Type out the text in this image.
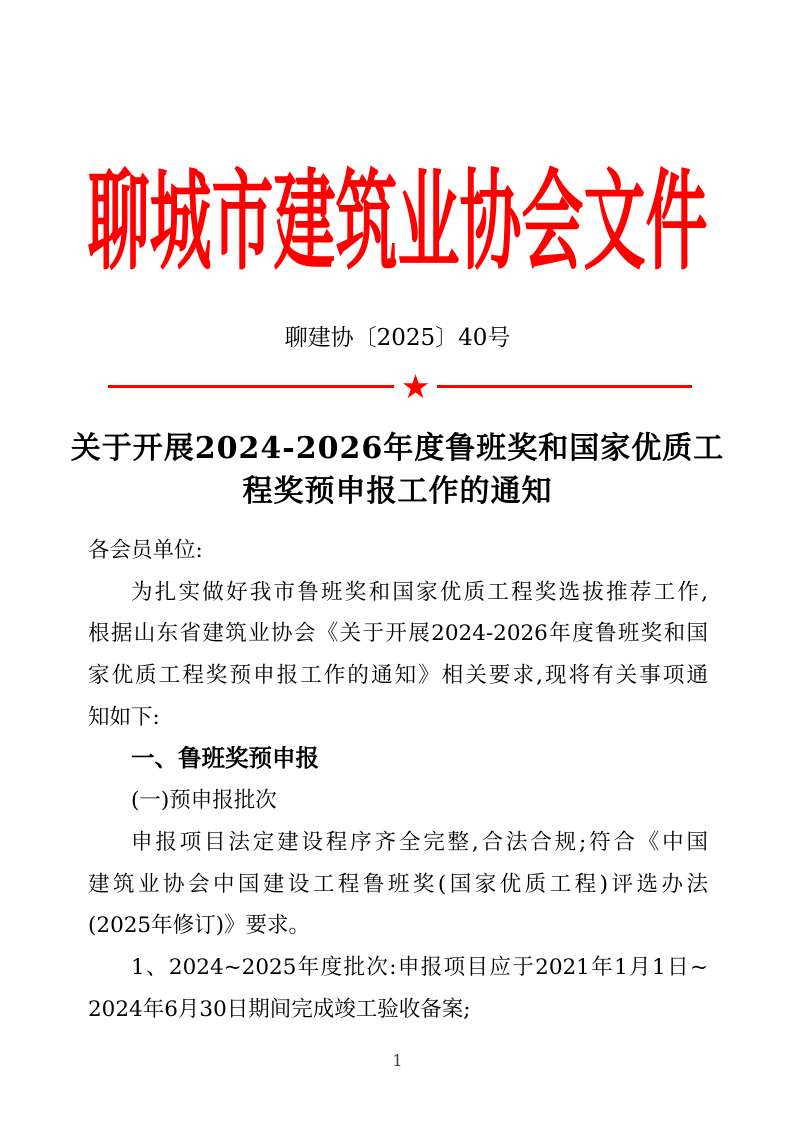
聊城市建筑业协会文件
聊建协〔2025〕40号
★
关于开展2024-2026年度鲁班奖和国家优质工
程奖预申报工作的通知
各会员单位:
为扎实做好我市鲁班奖和国家优质工程奖选拔推荐工作,
根据山东省建筑业协会《关于开展2024-2026年度鲁班奖和国
家优质工程奖预申报工作的通知》相关要求,现将有关事项通
知如下:
一、鲁班奖预申报
(一)预申报批次
申报项目法定建设程序齐全完整,合法合规;符合《中国
建筑业协会中国建设工程鲁班奖(国家优质工程)评选办法
(2025年修订)》要求。
1、2024~2025年度批次:申报项目应于2021年1月1日~
2024年6月30日期间完成竣工验收备案;
1
